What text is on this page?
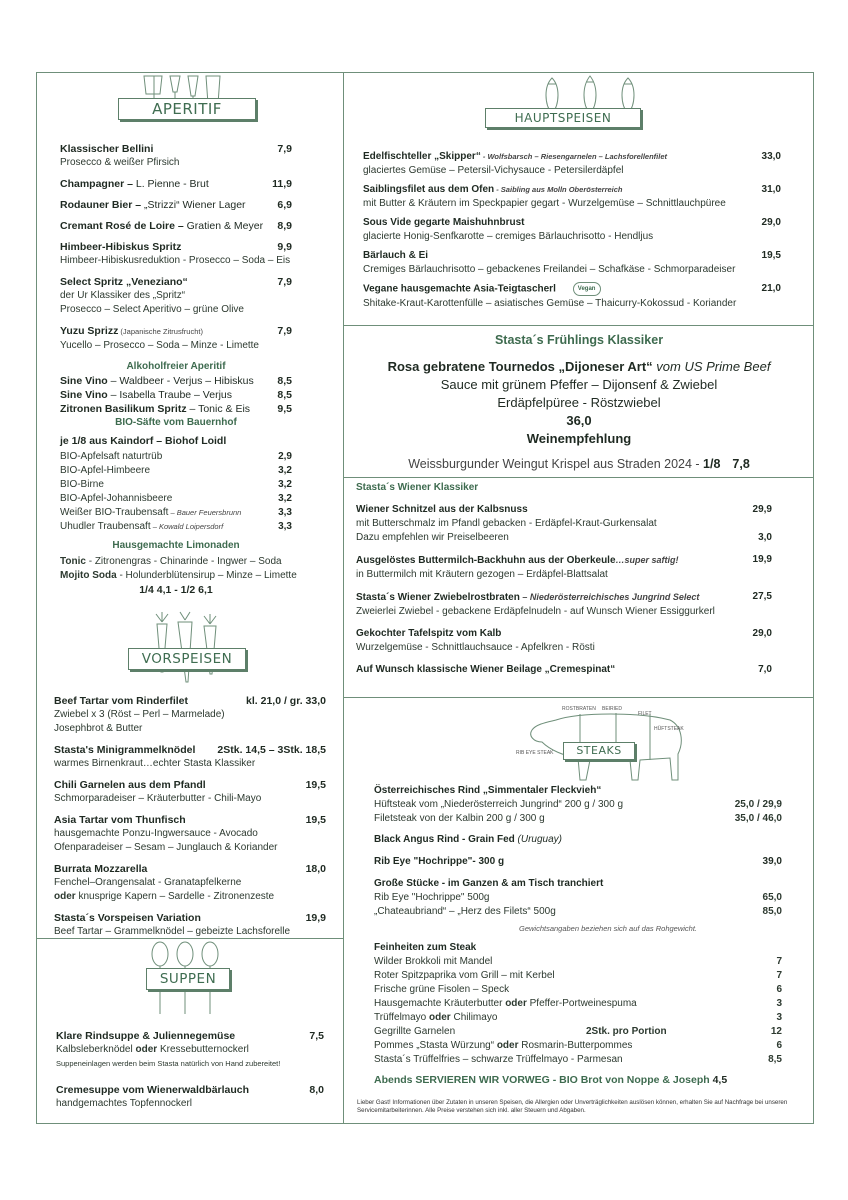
APERITIF
Klassischer Bellini	7,9
Prosecco & weißer Pfirsich
Champagner – L. Pienne - Brut	11,9
Rodauner Bier – „Strizzi“ Wiener Lager	6,9
Cremant Rosé de Loire – Gratien & Meyer 8,9
Himbeer-Hibiskus Spritz	9,9
Himbeer-Hibiskusreduktion - Prosecco – Soda – Eis
Select Spritz „Veneziano“	7,9
der Ur Klassiker des „Spritz“
Prosecco – Select Aperitivo – grüne Olive
Yuzu Sprizz (Japanische Zitrusfrucht)	7,9
Yucello – Prosecco – Soda – Minze - Limette
Alkoholfreier Aperitif
Sine Vino – Waldbeer - Verjus – Hibiskus 8,5
Sine Vino – Isabella Traube – Verjus	8,5
Zitronen Basilikum Spritz – Tonic & Eis	9,5
BIO-Säfte vom Bauernhof
je 1/8 aus Kaindorf – Biohof Loidl
BIO-Apfelsaft naturtrüb	2,9
BIO-Apfel-Himbeere	3,2
BIO-Birne	3,2
BIO-Apfel-Johannisbeere	3,2
Weißer BIO-Traubensaft – Bauer Feuersbrunn	3,3
Uhudler Traubensaft – Kowald Loipersdorf	3,3
Hausgemachte Limonaden
Tonic - Zitronengras - Chinarinde - Ingwer – Soda
Mojito Soda - Holunderblütensirup – Minze – Limette
1/4 4,1 - 1/2 6,1
VORSPEISEN
Beef Tartar vom Rinderfilet	kl. 21,0 / gr. 33,0
Zwiebel x 3 (Röst – Perl – Marmelade)
Josephbrot & Butter
Stasta's Minigrammelknödel 2Stk. 14,5 – 3Stk. 18,5
warmes Birnenkraut…echter Stasta Klassiker
Chili Garnelen aus dem Pfandl	19,5
Schmorparadeiser – Kräuterbutter - Chili-Mayo
Asia Tartar vom Thunfisch	19,5
hausgemachte Ponzu-Ingwersauce - Avocado
Ofenparadeiser – Sesam – Junglauch & Koriander
Burrata Mozzarella	18,0
Fenchel–Orangensalat - Granatapfelkerne
oder knusprige Kapern – Sardelle - Zitronenzeste
Stasta´s Vorspeisen Variation	19,9
Beef Tartar – Grammelknödel – gebeizte Lachsforelle
SUPPEN
Klare Rindsuppe & Juliennegemüse	7,5
Kalbsleberknödel oder Kressebutternockerl
Suppeneinlagen werden beim Stasta natürlich von Hand zubereitet!
Cremesuppe vom Wienerwaldbärlauch	8,0
handgemachtes Topfennockerl
HAUPTSPEISEN
Edelfischteller „Skipper“ - Wolfsbarsch – Riesengarnelen – Lachsforellenfilet	33,0
glaciertes Gemüse – Petersil-Vichysauce - Petersilerdäpfel
Saiblingsfilet aus dem Ofen - Saibling aus Molln Oberösterreich	31,0
mit Butter & Kräutern im Speckpapier gegart - Wurzelgemüse – Schnittlauchpüree
Sous Vide gegarte Maishuhnbrust	29,0
glacierte Honig-Senfkarotte – cremiges Bärlauchrisotto - Hendljus
Bärlauch & Ei	19,5
Cremiges Bärlauchrisotto – gebackenes Freilandei – Schafkäse - Schmorparadeiser
Vegane hausgemachte Asia-Teigtascherl	Vegan	21,0
Shitake-Kraut-Karottenfülle – asiatisches Gemüse – Thaicurry-Kokossud - Koriander
Stasta´s Frühlings Klassiker
Rosa gebratene Tournedos „Dijoneser Art“ vom US Prime Beef
Sauce mit grünem Pfeffer – Dijonsenf & Zwiebel
Erdäpfelpüree - Röstzwiebel
36,0
Weinempfehlung
Weissburgunder Weingut Krispel aus Straden 2024 - 1/8 7,8
Stasta´s Wiener Klassiker
Wiener Schnitzel aus der Kalbsnuss	29,9
mit Butterschmalz im Pfandl gebacken - Erdäpfel-Kraut-Gurkensalat
Dazu empfehlen wir Preiselbeeren	3,0
Ausgelöstes Buttermilch-Backhuhn aus der Oberkeule…super saftig!	19,9
in Buttermilch mit Kräutern gezogen – Erdäpfel-Blattsalat
Stasta´s Wiener Zwiebelrostbraten – Niederösterreichisches Jungrind Select	27,5
Zweierlei Zwiebel - gebackene Erdäpfelnudeln - auf Wunsch Wiener Essiggurkerl
Gekochter Tafelspitz vom Kalb	29,0
Wurzelgemüse - Schnittlauchsauce - Apfelkren - Rösti
Auf Wunsch klassische Wiener Beilage „Cremespinat“	7,0
ROSTBRATEN BEIRIED
FILET
HÜFTSTEAK
RIB EYE STEAK	STEAKS
Österreichisches Rind „Simmentaler Fleckvieh“
Hüftsteak vom „Niederösterreich Jungrind“ 200 g / 300 g	25,0 / 29,9
Filetsteak von der Kalbin 200 g / 300 g	35,0 / 46,0
Black Angus Rind - Grain Fed (Uruguay)
Rib Eye "Hochrippe"- 300 g	39,0
Große Stücke - im Ganzen & am Tisch tranchiert
Rib Eye "Hochrippe" 500g	65,0
„Chateaubriand“ – „Herz des Filets“ 500g	85,0
Gewichtsangaben beziehen sich auf das Rohgewicht.
Feinheiten zum Steak
Wilder Brokkoli mit Mandel	7
Roter Spitzpaprika vom Grill – mit Kerbel	7
Frische grüne Fisolen – Speck	6
Hausgemachte Kräuterbutter oder Pfeffer-Portweinespuma	3
Trüffelmayo oder Chilimayo	3
Gegrillte Garnelen	2Stk. pro Portion	12
Pommes „Stasta Würzung“ oder Rosmarin-Butterpommes	6
Stasta´s Trüffelfries – schwarze Trüffelmayo - Parmesan	8,5
Abends SERVIEREN WIR VORWEG - BIO Brot von Noppe & Joseph 4,5
Lieber Gast! Informationen über Zutaten in unseren Speisen, die Allergien oder Unverträglichkeiten auslösen können, erhalten Sie auf Nachfrage bei unseren Servicemitarbeiterinnen. Alle Preise verstehen sich inkl. aller Steuern und Abgaben.
